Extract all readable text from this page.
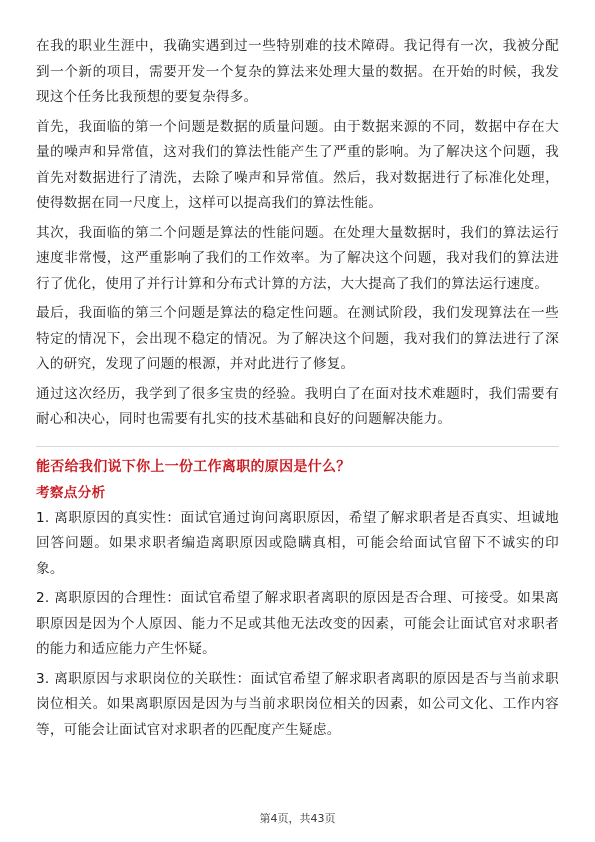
在我的职业生涯中，我确实遇到过一些特别难的技术障碍。我记得有一次，我被分配到一个新的项目，需要开发一个复杂的算法来处理大量的数据。在开始的时候，我发现这个任务比我预想的要复杂得多。

首先，我面临的第一个问题是数据的质量问题。由于数据来源的不同，数据中存在大量的噪声和异常值，这对我们的算法性能产生了严重的影响。为了解决这个问题，我首先对数据进行了清洗，去除了噪声和异常值。然后，我对数据进行了标准化处理，使得数据在同一尺度上，这样可以提高我们的算法性能。

其次，我面临的第二个问题是算法的性能问题。在处理大量数据时，我们的算法运行速度非常慢，这严重影响了我们的工作效率。为了解决这个问题，我对我们的算法进行了优化，使用了并行计算和分布式计算的方法，大大提高了我们的算法运行速度。

最后，我面临的第三个问题是算法的稳定性问题。在测试阶段，我们发现算法在一些特定的情况下，会出现不稳定的情况。为了解决这个问题，我对我们的算法进行了深入的研究，发现了问题的根源，并对此进行了修复。

通过这次经历，我学到了很多宝贵的经验。我明白了在面对技术难题时，我们需要有耐心和决心，同时也需要有扎实的技术基础和良好的问题解决能力。

能否给我们说下你上一份工作离职的原因是什么？

考察点分析

1. 离职原因的真实性：面试官通过询问离职原因，希望了解求职者是否真实、坦诚地回答问题。如果求职者编造离职原因或隐瞒真相，可能会给面试官留下不诚实的印象。

2. 离职原因的合理性：面试官希望了解求职者离职的原因是否合理、可接受。如果离职原因是因为个人原因、能力不足或其他无法改变的因素，可能会让面试官对求职者的能力和适应能力产生怀疑。

3. 离职原因与求职岗位的关联性：面试官希望了解求职者离职的原因是否与当前求职岗位相关。如果离职原因是因为与当前求职岗位相关的因素，如公司文化、工作内容等，可能会让面试官对求职者的匹配度产生疑虑。

第4页，共43页
